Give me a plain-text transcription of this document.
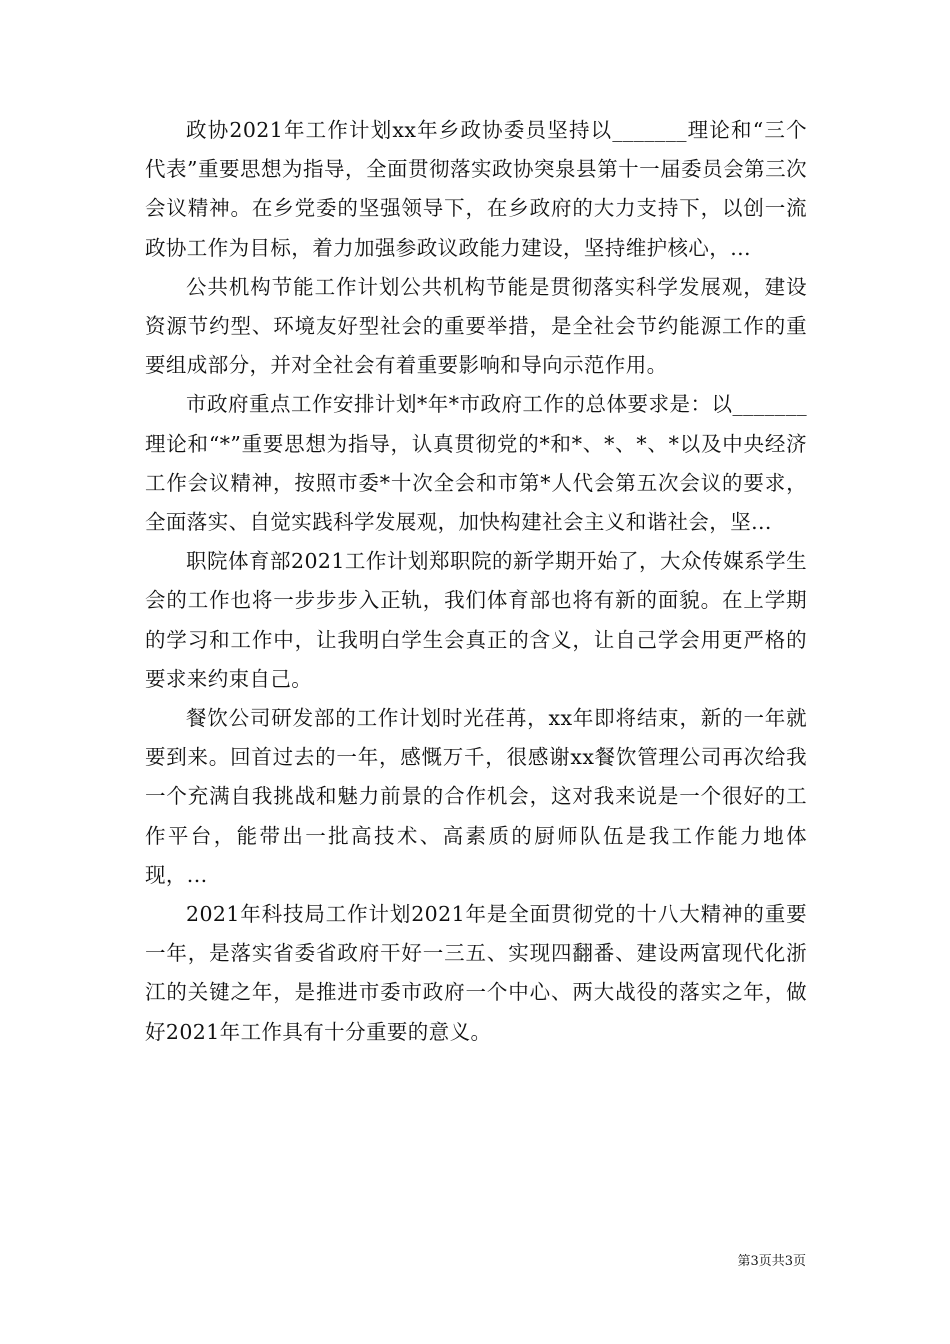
政协2021年工作计划xx年乡政协委员坚持以_______理论和“三个代表”重要思想为指导，全面贯彻落实政协突泉县第十一届委员会第三次会议精神。在乡党委的坚强领导下，在乡政府的大力支持下，以创一流政协工作为目标，着力加强参政议政能力建设，坚持维护核心，...

公共机构节能工作计划公共机构节能是贯彻落实科学发展观，建设资源节约型、环境友好型社会的重要举措，是全社会节约能源工作的重要组成部分，并对全社会有着重要影响和导向示范作用。

市政府重点工作安排计划*年*市政府工作的总体要求是：以_______理论和“*”重要思想为指导，认真贯彻党的*和*、*、*、*以及中央经济工作会议精神，按照市委*十次全会和市第*人代会第五次会议的要求，全面落实、自觉实践科学发展观，加快构建社会主义和谐社会，坚...

职院体育部2021工作计划郑职院的新学期开始了，大众传媒系学生会的工作也将一步步步入正轨，我们体育部也将有新的面貌。在上学期的学习和工作中，让我明白学生会真正的含义，让自己学会用更严格的要求来约束自己。

餐饮公司研发部的工作计划时光荏苒，xx年即将结束，新的一年就要到来。回首过去的一年，感慨万千，很感谢xx餐饮管理公司再次给我一个充满自我挑战和魅力前景的合作机会，这对我来说是一个很好的工作平台，能带出一批高技术、高素质的厨师队伍是我工作能力地体现，...

2021年科技局工作计划2021年是全面贯彻党的十八大精神的重要一年，是落实省委省政府干好一三五、实现四翻番、建设两富现代化浙江的关键之年，是推进市委市政府一个中心、两大战役的落实之年，做好2021年工作具有十分重要的意义。

第3页共3页
